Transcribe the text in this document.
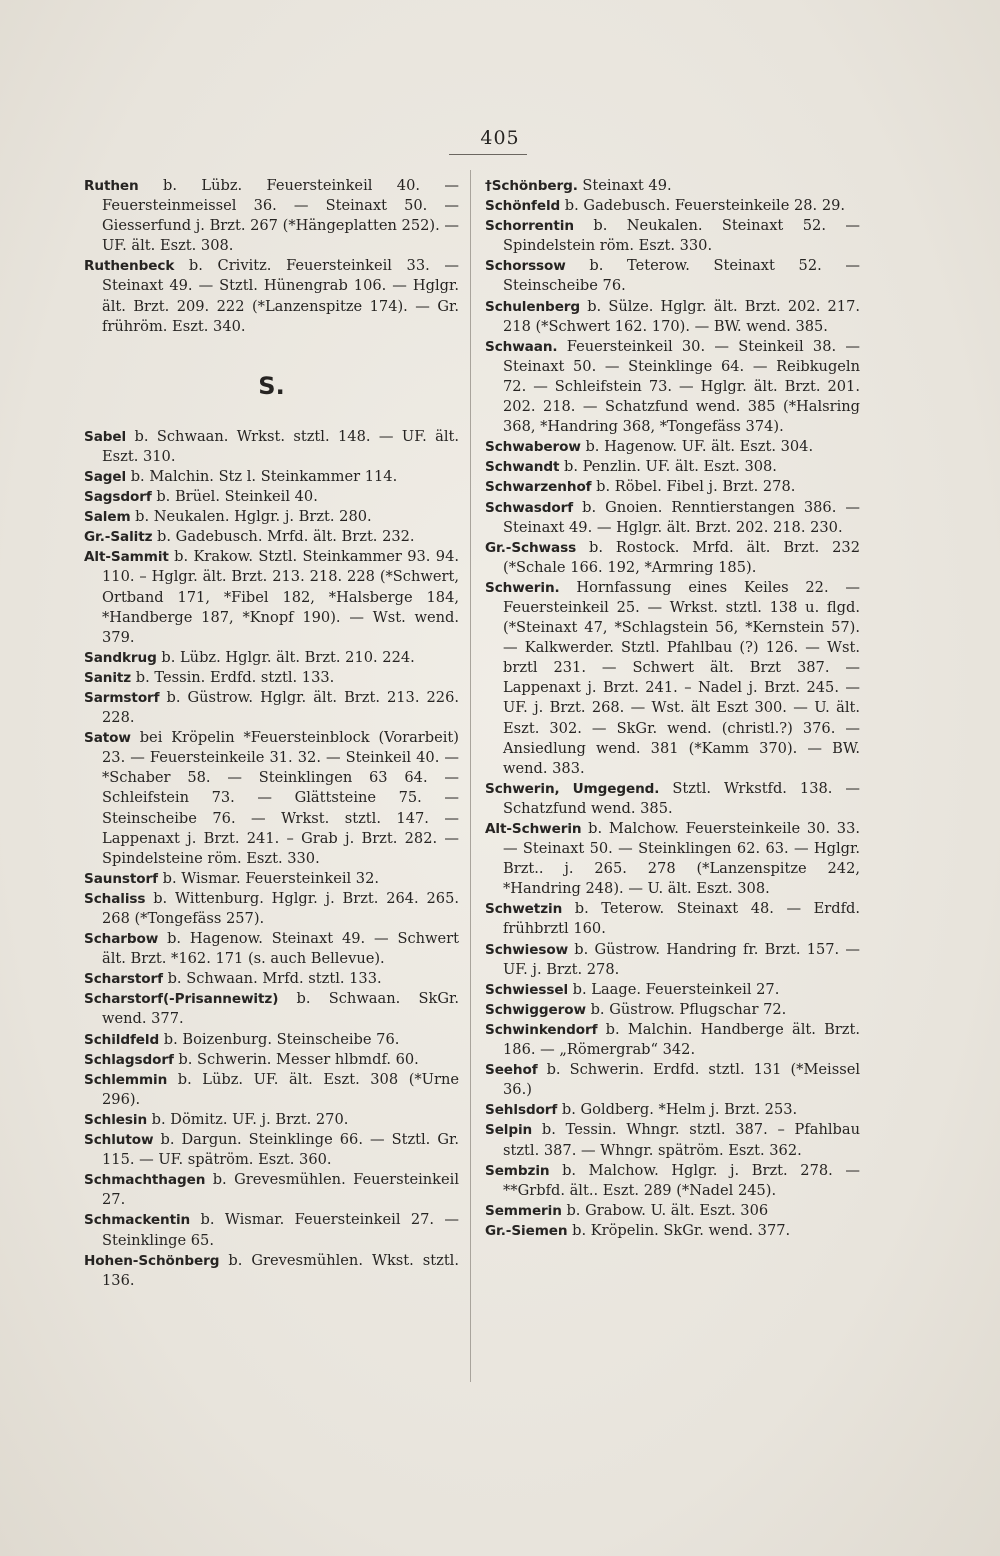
405

Ruthen b. Lübz. Feuersteinkeil 40. — Feuersteinmeissel 36. — Steinaxt 50. — Giesserfund j. Brzt. 267 (*Hängeplatten 252). — UF. ält. Eszt. 308.

Ruthenbeck b. Crivitz. Feuersteinkeil 33. — Steinaxt 49. — Stztl. Hünengrab 106. — Hglgr. ält. Brzt. 209. 222 (*Lanzenspitze 174). — Gr. frühröm. Eszt. 340.

S.

Sabel b. Schwaan. Wrkst. stztl. 148. — UF. ält. Eszt. 310.

Sagel b. Malchin. Stz l. Steinkammer 114.

Sagsdorf b. Brüel. Steinkeil 40.

Salem b. Neukalen. Hglgr. j. Brzt. 280.

Gr.-Salitz b. Gadebusch. Mrfd. ält. Brzt. 232.

Alt-Sammit b. Krakow. Stztl. Steinkammer 93. 94. 110. – Hglgr. ält. Brzt. 213. 218. 228 (*Schwert, Ortband 171, *Fibel 182, *Halsberge 184, *Handberge 187, *Knopf 190). — Wst. wend. 379.

Sandkrug b. Lübz. Hglgr. ält. Brzt. 210. 224.

Sanitz b. Tessin. Erdfd. stztl. 133.

Sarmstorf b. Güstrow. Hglgr. ält. Brzt. 213. 226. 228.

Satow bei Kröpelin *Feuersteinblock (Vorarbeit) 23. — Feuersteinkeile 31. 32. — Steinkeil 40. — *Schaber 58. — Steinklingen 63 64. — Schleifstein 73. — Glättsteine 75. — Steinscheibe 76. — Wrkst. stztl. 147. — Lappenaxt j. Brzt. 241. – Grab j. Brzt. 282. — Spindelsteine röm. Eszt. 330.

Saunstorf b. Wismar. Feuersteinkeil 32.

Schaliss b. Wittenburg. Hglgr. j. Brzt. 264. 265. 268 (*Tongefäss 257).

Scharbow b. Hagenow. Steinaxt 49. — Schwert ält. Brzt. *162. 171 (s. auch Bellevue).

Scharstorf b. Schwaan. Mrfd. stztl. 133.

Scharstorf(-Prisannewitz) b. Schwaan. SkGr. wend. 377.

Schildfeld b. Boizenburg. Steinscheibe 76.

Schlagsdorf b. Schwerin. Messer hlbmdf. 60.

Schlemmin b. Lübz. UF. ält. Eszt. 308 (*Urne 296).

Schlesin b. Dömitz. UF. j. Brzt. 270.

Schlutow b. Dargun. Steinklinge 66. — Stztl. Gr. 115. — UF. spätröm. Eszt. 360.

Schmachthagen b. Grevesmühlen. Feuersteinkeil 27.

Schmackentin b. Wismar. Feuersteinkeil 27. — Steinklinge 65.

Hohen-Schönberg b. Grevesmühlen. Wkst. stztl. 136.

†Schönberg. Steinaxt 49.

Schönfeld b. Gadebusch. Feuersteinkeile 28. 29.

Schorrentin b. Neukalen. Steinaxt 52. — Spindelstein röm. Eszt. 330.

Schorssow b. Teterow. Steinaxt 52. — Steinscheibe 76.

Schulenberg b. Sülze. Hglgr. ält. Brzt. 202. 217. 218 (*Schwert 162. 170). — BW. wend. 385.

Schwaan. Feuersteinkeil 30. — Steinkeil 38. — Steinaxt 50. — Steinklinge 64. — Reibkugeln 72. — Schleifstein 73. — Hglgr. ält. Brzt. 201. 202. 218. — Schatzfund wend. 385 (*Halsring 368, *Handring 368, *Tongefäss 374).

Schwaberow b. Hagenow. UF. ält. Eszt. 304.

Schwandt b. Penzlin. UF. ält. Eszt. 308.

Schwarzenhof b. Röbel. Fibel j. Brzt. 278.

Schwasdorf b. Gnoien. Renntierstangen 386. — Steinaxt 49. — Hglgr. ält. Brzt. 202. 218. 230.

Gr.-Schwass b. Rostock. Mrfd. ält. Brzt. 232 (*Schale 166. 192, *Armring 185).

Schwerin. Hornfassung eines Keiles 22. — Feuersteinkeil 25. — Wrkst. stztl. 138 u. flgd. (*Steinaxt 47, *Schlagstein 56, *Kernstein 57). — Kalkwerder. Stztl. Pfahlbau (?) 126. — Wst. brztl 231. — Schwert ält. Brzt 387. — Lappenaxt j. Brzt. 241. – Nadel j. Brzt. 245. — UF. j. Brzt. 268. — Wst. ält Eszt 300. — U. ält. Eszt. 302. — SkGr. wend. (christl.?) 376. — Ansiedlung wend. 381 (*Kamm 370). — BW. wend. 383.

Schwerin, Umgegend. Stztl. Wrkstfd. 138. — Schatzfund wend. 385.

Alt-Schwerin b. Malchow. Feuersteinkeile 30. 33. — Steinaxt 50. — Steinklingen 62. 63. — Hglgr. Brzt.. j. 265. 278 (*Lanzenspitze 242, *Handring 248). — U. ält. Eszt. 308.

Schwetzin b. Teterow. Steinaxt 48. — Erdfd. frühbrztl 160.

Schwiesow b. Güstrow. Handring fr. Brzt. 157. — UF. j. Brzt. 278.

Schwiessel b. Laage. Feuersteinkeil 27.

Schwiggerow b. Güstrow. Pflugschar 72.

Schwinkendorf b. Malchin. Handberge ält. Brzt. 186. — „Römergrab“ 342.

Seehof b. Schwerin. Erdfd. stztl. 131 (*Meissel 36.)

Sehlsdorf b. Goldberg. *Helm j. Brzt. 253.

Selpin b. Tessin. Whngr. stztl. 387. – Pfahlbau stztl. 387. — Whngr. spätröm. Eszt. 362.

Sembzin b. Malchow. Hglgr. j. Brzt. 278. — **Grbfd. ält.. Eszt. 289 (*Nadel 245).

Semmerin b. Grabow. U. ält. Eszt. 306

Gr.-Siemen b. Kröpelin. SkGr. wend. 377.
